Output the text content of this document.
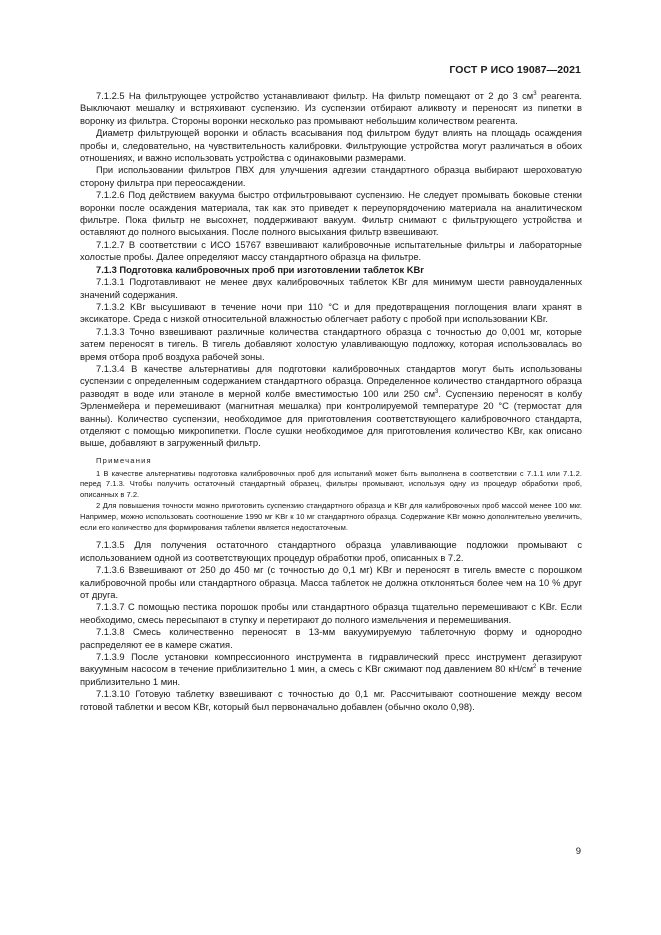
ГОСТ Р ИСО 19087—2021

7.1.2.5 На фильтрующее устройство устанавливают фильтр. На фильтр помещают от 2 до 3 $см^3$ реагента. Выключают мешалку и встряхивают суспензию. Из суспензии отбирают аликвоту и переносят из пипетки в воронку из фильтра. Стороны воронки несколько раз промывают небольшим количеством реагента.

Диаметр фильтрующей воронки и область всасывания под фильтром будут влиять на площадь осаждения пробы и, следовательно, на чувствительность калибровки. Фильтрующие устройства могут различаться в обоих отношениях, и важно использовать устройства с одинаковыми размерами.

При использовании фильтров ПВХ для улучшения адгезии стандартного образца выбирают шероховатую сторону фильтра при переосаждении.

7.1.2.6 Под действием вакуума быстро отфильтровывают суспензию. Не следует промывать боковые стенки воронки после осаждения материала, так как это приведет к переупорядочению материала на аналитическом фильтре. Пока фильтр не высохнет, поддерживают вакуум. Фильтр снимают с фильтрующего устройства и оставляют до полного высыхания. После полного высыхания фильтр взвешивают.

7.1.2.7 В соответствии с ИСО 15767 взвешивают калибровочные испытательные фильтры и лабораторные холостые пробы. Далее определяют массу стандартного образца на фильтре.

7.1.3 Подготовка калибровочных проб при изготовлении таблеток KBr

7.1.3.1 Подготавливают не менее двух калибровочных таблеток KBr для минимум шести равноудаленных значений содержания.

7.1.3.2 KBr высушивают в течение ночи при 110 °С и для предотвращения поглощения влаги хранят в эксикаторе. Среда с низкой относительной влажностью облегчает работу с пробой при использовании KBr.

7.1.3.3 Точно взвешивают различные количества стандартного образца с точностью до 0,001 мг, которые затем переносят в тигель. В тигель добавляют холостую улавливающую подложку, которая использовалась во время отбора проб воздуха рабочей зоны.

7.1.3.4 В качестве альтернативы для подготовки калибровочных стандартов могут быть использованы суспензии с определенным содержанием стандартного образца. Определенное количество стандартного образца разводят в воде или этаноле в мерной колбе вместимостью 100 или 250 $см^3$. Суспензию переносят в колбу Эрленмейера и перемешивают (магнитная мешалка) при контролируемой температуре 20 °С (термостат для ванны). Количество суспензии, необходимое для приготовления соответствующего калибровочного стандарта, отделяют с помощью микропипетки. После сушки необходимое для приготовления количество KBr, как описано выше, добавляют в загруженный фильтр.

Примечания

1 В качестве альтернативы подготовка калибровочных проб для испытаний может быть выполнена в соответствии с 7.1.1 или 7.1.2. перед 7.1.3. Чтобы получить остаточный стандартный образец, фильтры промывают, используя одну из процедур обработки проб, описанных в 7.2.

2 Для повышения точности можно приготовить суспензию стандартного образца и KBr для калибровочных проб массой менее 100 мкг. Например, можно использовать соотношение 1990 мг KBr к 10 мг стандартного образца. Содержание KBr можно дополнительно увеличить, если его количество для формирования таблетки является недостаточным.

7.1.3.5 Для получения остаточного стандартного образца улавливающие подложки промывают с использованием одной из соответствующих процедур обработки проб, описанных в 7.2.

7.1.3.6 Взвешивают от 250 до 450 мг (с точностью до 0,1 мг) KBr и переносят в тигель вместе с порошком калибровочной пробы или стандартного образца. Масса таблеток не должна отклоняться более чем на 10 % друг от друга.

7.1.3.7 С помощью пестика порошок пробы или стандартного образца тщательно перемешивают с KBr. Если необходимо, смесь пересыпают в ступку и перетирают до полного измельчения и перемешивания.

7.1.3.8 Смесь количественно переносят в 13-мм вакуумируемую таблеточную форму и однородно распределяют ее в камере сжатия.

7.1.3.9 После установки компрессионного инструмента в гидравлический пресс инструмент дегазируют вакуумным насосом в течение приблизительно 1 мин, а смесь с KBr сжимают под давлением 80 $кН/см^2$ в течение приблизительно 1 мин.

7.1.3.10 Готовую таблетку взвешивают с точностью до 0,1 мг. Рассчитывают соотношение между весом готовой таблетки и весом KBr, который был первоначально добавлен (обычно около 0,98).

9
